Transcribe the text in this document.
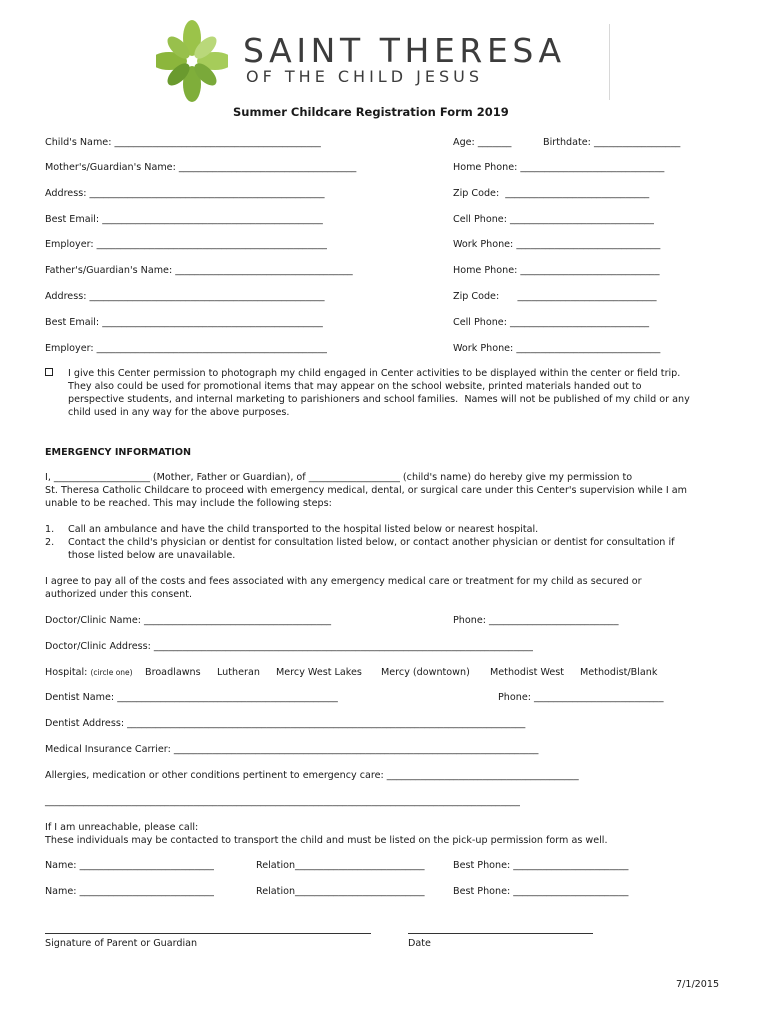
SAINT THERESA
OF THE CHILD JESUS
Summer Childcare Registration Form 2019
Child's Name: ___________________________________________	Age: _______	Birthdate: __________________
Mother's/Guardian's Name: _____________________________________	Home Phone: ______________________________
Address: _________________________________________________	Zip Code:  ______________________________
Best Email: ______________________________________________	Cell Phone: ______________________________
Employer: ________________________________________________	Work Phone: ______________________________
Father's/Guardian's Name: _____________________________________	Home Phone: _____________________________
Address: _________________________________________________	Zip Code:      _____________________________
Best Email: ______________________________________________	Cell Phone: _____________________________
Employer: ________________________________________________	Work Phone: ______________________________
I give this Center permission to photograph my child engaged in Center activities to be displayed within the center or field trip.
They also could be used for promotional items that may appear on the school website, printed materials handed out to
perspective students, and internal marketing to parishioners and school families.  Names will not be published of my child or any
child used in any way for the above purposes.
EMERGENCY INFORMATION
I, ____________________ (Mother, Father or Guardian), of ___________________ (child's name) do hereby give my permission to
St. Theresa Catholic Childcare to proceed with emergency medical, dental, or surgical care under this Center's supervision while I am
unable to be reached. This may include the following steps:
1. Call an ambulance and have the child transported to the hospital listed below or nearest hospital.
2. Contact the child's physician or dentist for consultation listed below, or contact another physician or dentist for consultation if
those listed below are unavailable.
I agree to pay all of the costs and fees associated with any emergency medical care or treatment for my child as secured or
authorized under this consent.
Doctor/Clinic Name: _______________________________________	Phone: ___________________________
Doctor/Clinic Address: _______________________________________________________________________________
Hospital: (circle one) Broadlawns Lutheran Mercy West Lakes Mercy (downtown) Methodist West Methodist/Blank
Dentist Name: ______________________________________________	Phone: ___________________________
Dentist Address: ___________________________________________________________________________________
Medical Insurance Carrier: ____________________________________________________________________________
Allergies, medication or other conditions pertinent to emergency care: ________________________________________
___________________________________________________________________________________________________
If I am unreachable, please call:
These individuals may be contacted to transport the child and must be listed on the pick-up permission form as well.
Name: ____________________________	Relation___________________________	Best Phone: ________________________
Name: ____________________________	Relation___________________________	Best Phone: ________________________
Signature of Parent or Guardian	Date
7/1/2015
